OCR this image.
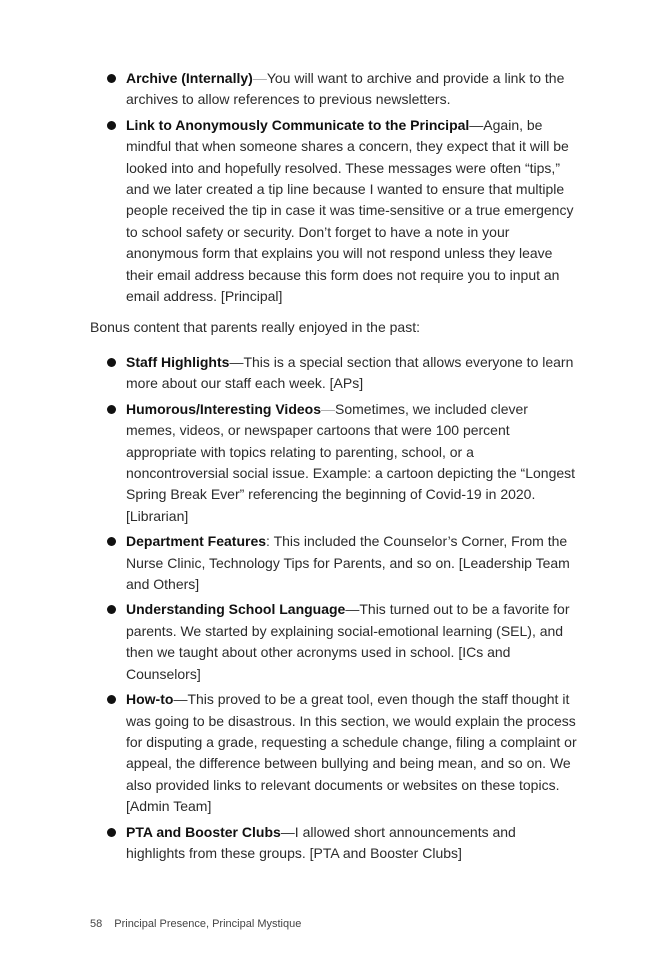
Archive (Internally)—You will want to archive and provide a link to the archives to allow references to previous newsletters.
Link to Anonymously Communicate to the Principal—Again, be mindful that when someone shares a concern, they expect that it will be looked into and hopefully resolved. These messages were often “tips,” and we later created a tip line because I wanted to ensure that multiple people received the tip in case it was time-sensitive or a true emergency to school safety or security. Don’t forget to have a note in your anonymous form that explains you will not respond unless they leave their email address because this form does not require you to input an email address. [Principal]

Bonus content that parents really enjoyed in the past:

Staff Highlights—This is a special section that allows everyone to learn more about our staff each week. [APs]
Humorous/Interesting Videos—Sometimes, we included clever memes, videos, or newspaper cartoons that were 100 percent appropriate with topics relating to parenting, school, or a noncontroversial social issue. Example: a cartoon depicting the “Longest Spring Break Ever” referencing the beginning of Covid-19 in 2020. [Librarian]
Department Features: This included the Counselor’s Corner, From the Nurse Clinic, Technology Tips for Parents, and so on. [Leadership Team and Others]
Understanding School Language—This turned out to be a favorite for parents. We started by explaining social-emotional learning (SEL), and then we taught about other acronyms used in school. [ICs and Counselors]
How-to—This proved to be a great tool, even though the staff thought it was going to be disastrous. In this section, we would explain the process for disputing a grade, requesting a schedule change, filing a complaint or appeal, the difference between bullying and being mean, and so on. We also provided links to relevant documents or websites on these topics. [Admin Team]
PTA and Booster Clubs—I allowed short announcements and highlights from these groups. [PTA and Booster Clubs]
58 Principal Presence, Principal Mystique
